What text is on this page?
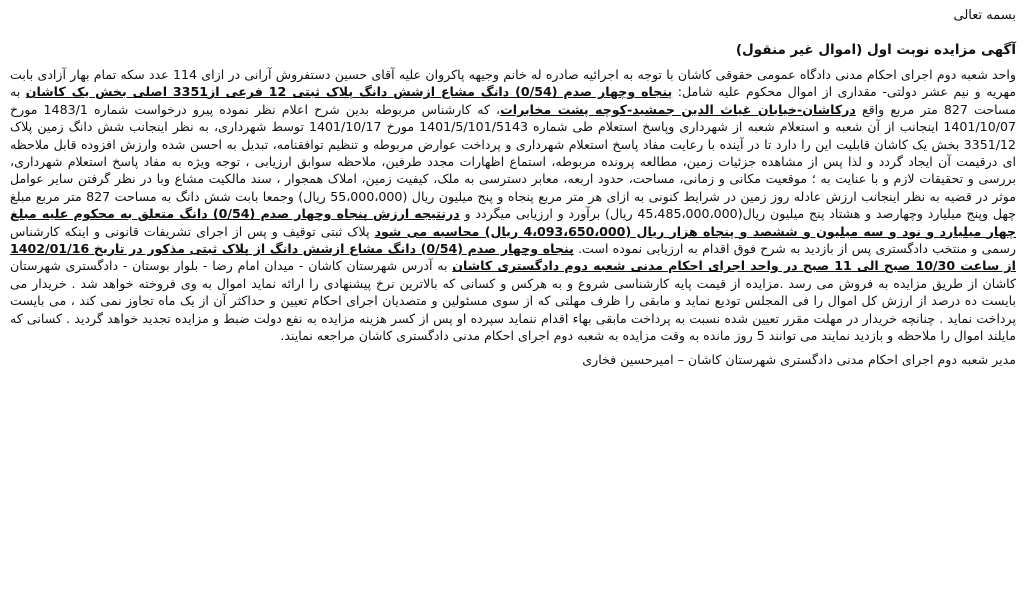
بسمه تعالی
آگهی مزایده نوبت اول (اموال غیر منقول)

واحد شعبه دوم اجرای احکام مدنی دادگاه عمومی حقوقی کاشان با توجه به اجرائیه صادره له خانم وجیهه پاکروان علیه آقای حسین دستفروش آرانی در ازای 114 عدد سکه تمام بهار آزادی بابت مهریه و نیم عشر دولتی- مقداری از اموال محکوم علیه شامل: پنجاه وچهار صدم (0/54) دانگ مشاع ازشش دانگ پلاک ثبتی 12 فرعی از3351 اصلی بخش یک کاشان به مساحت 827 متر مربع واقع درکاشان-خیابان غیاث الدین جمشید-کوچه پشت مخابرات، که کارشناس مربوطه بدین شرح اعلام نظر نموده پیرو درخواست شماره 1483/1 مورخ 1401/10/07 اینجانب از آن شعبه و استعلام شعبه از شهرداری وپاسخ استعلام طی شماره 1401/5/101/5143 مورخ 1401/10/17 توسط شهرداری، به نظر اینجانب شش دانگ زمین پلاک 3351/12 بخش یک کاشان قابلیت این را دارد تا در آینده با رعایت مفاد پاسخ استعلام شهرداری و پرداخت عوارض مربوطه و تنظیم توافقنامه، تبدیل به احسن شده وارزش افزوده قابل ملاحظه ای درقیمت آن ایجاد گردد و لذا پس از مشاهده جزئیات زمین، مطالعه پرونده مربوطه، استماع اظهارات مجدد طرفین، ملاحظه سوابق ارزیابی ، توجه ویژه به مفاد پاسخ استعلام شهرداری، بررسی و تحقیقات لازم و با عنایت به ؛ موقعیت مکانی و زمانی، مساحت، حدود اربعه، معابر دسترسی به ملک، کیفیت زمین، املاک همجوار ، سند مالکیت مشاع وبا در نظر گرفتن سایر عوامل موثر در قضیه به نظر اینجانب ارزش عادله روز زمین در شرایط کنونی به ازای هر متر مربع پنجاه و پنج میلیون ریال (55،000،000 ریال) وجمعا بابت شش دانگ به مساحت 827 متر مربع مبلغ چهل وپنج میلیارد وچهارصد و هشتاد پنج میلیون ریال(45،485،000،000 ریال) برآورد و ارزیابی میگردد و درنتیجه ارزش پنجاه وچهار صدم (0/54) دانگ متعلق به محکوم علیه مبلغ چهار میلیارد و نود و سه میلیون و ششصد و پنجاه هزار ریال (4،093،650،000 ریال) محاسبه می شود پلاک ثبتی توقیف و پس از اجرای تشریفات قانونی و اینکه کارشناس رسمی و منتخب دادگستری پس از بازدید به شرح فوق اقدام به ارزیابی نموده است. پنجاه وچهار صدم (0/54) دانگ مشاع ازشش دانگ از پلاک ثبتی مذکور در تاریخ 1402/01/16 از ساعت 10/30 صبح الی 11 صبح در واحد اجرای احکام مدنی شعبه دوم دادگستری کاشان به آدرس شهرستان کاشان - میدان امام رضا - بلوار بوستان - دادگستری شهرستان کاشان از طریق مزایده به فروش می رسد .مزایده از قیمت پایه کارشناسی شروع و به هرکس و کسانی که بالاترین نرخ پیشنهادی را ارائه نماید اموال به وی فروخته خواهد شد . خریدار می بایست ده درصد از ارزش کل اموال را فی المجلس تودیع نماید و مابقی را ظرف مهلتی که از سوی مسئولین و متصدیان اجرای احکام تعیین و حداکثر آن از یک ماه تجاوز نمی کند ، می بایست پرداخت نماید . چنانچه خریدار در مهلت مقرر تعیین شده نسبت به پرداخت مابقی بهاء اقدام ننماید سپرده او پس از کسر هزینه مزایده به نفع دولت ضبط و مزایده تجدید خواهد گردید . کسانی که مایلند اموال را ملاحظه و بازدید نمایند می توانند 5 روز مانده به وقت مزایده به شعبه دوم اجرای احکام مدنی دادگستری کاشان مراجعه نمایند.

مدیر شعبه دوم اجرای احکام مدنی دادگستری شهرستان کاشان – امیرحسین فخاری
